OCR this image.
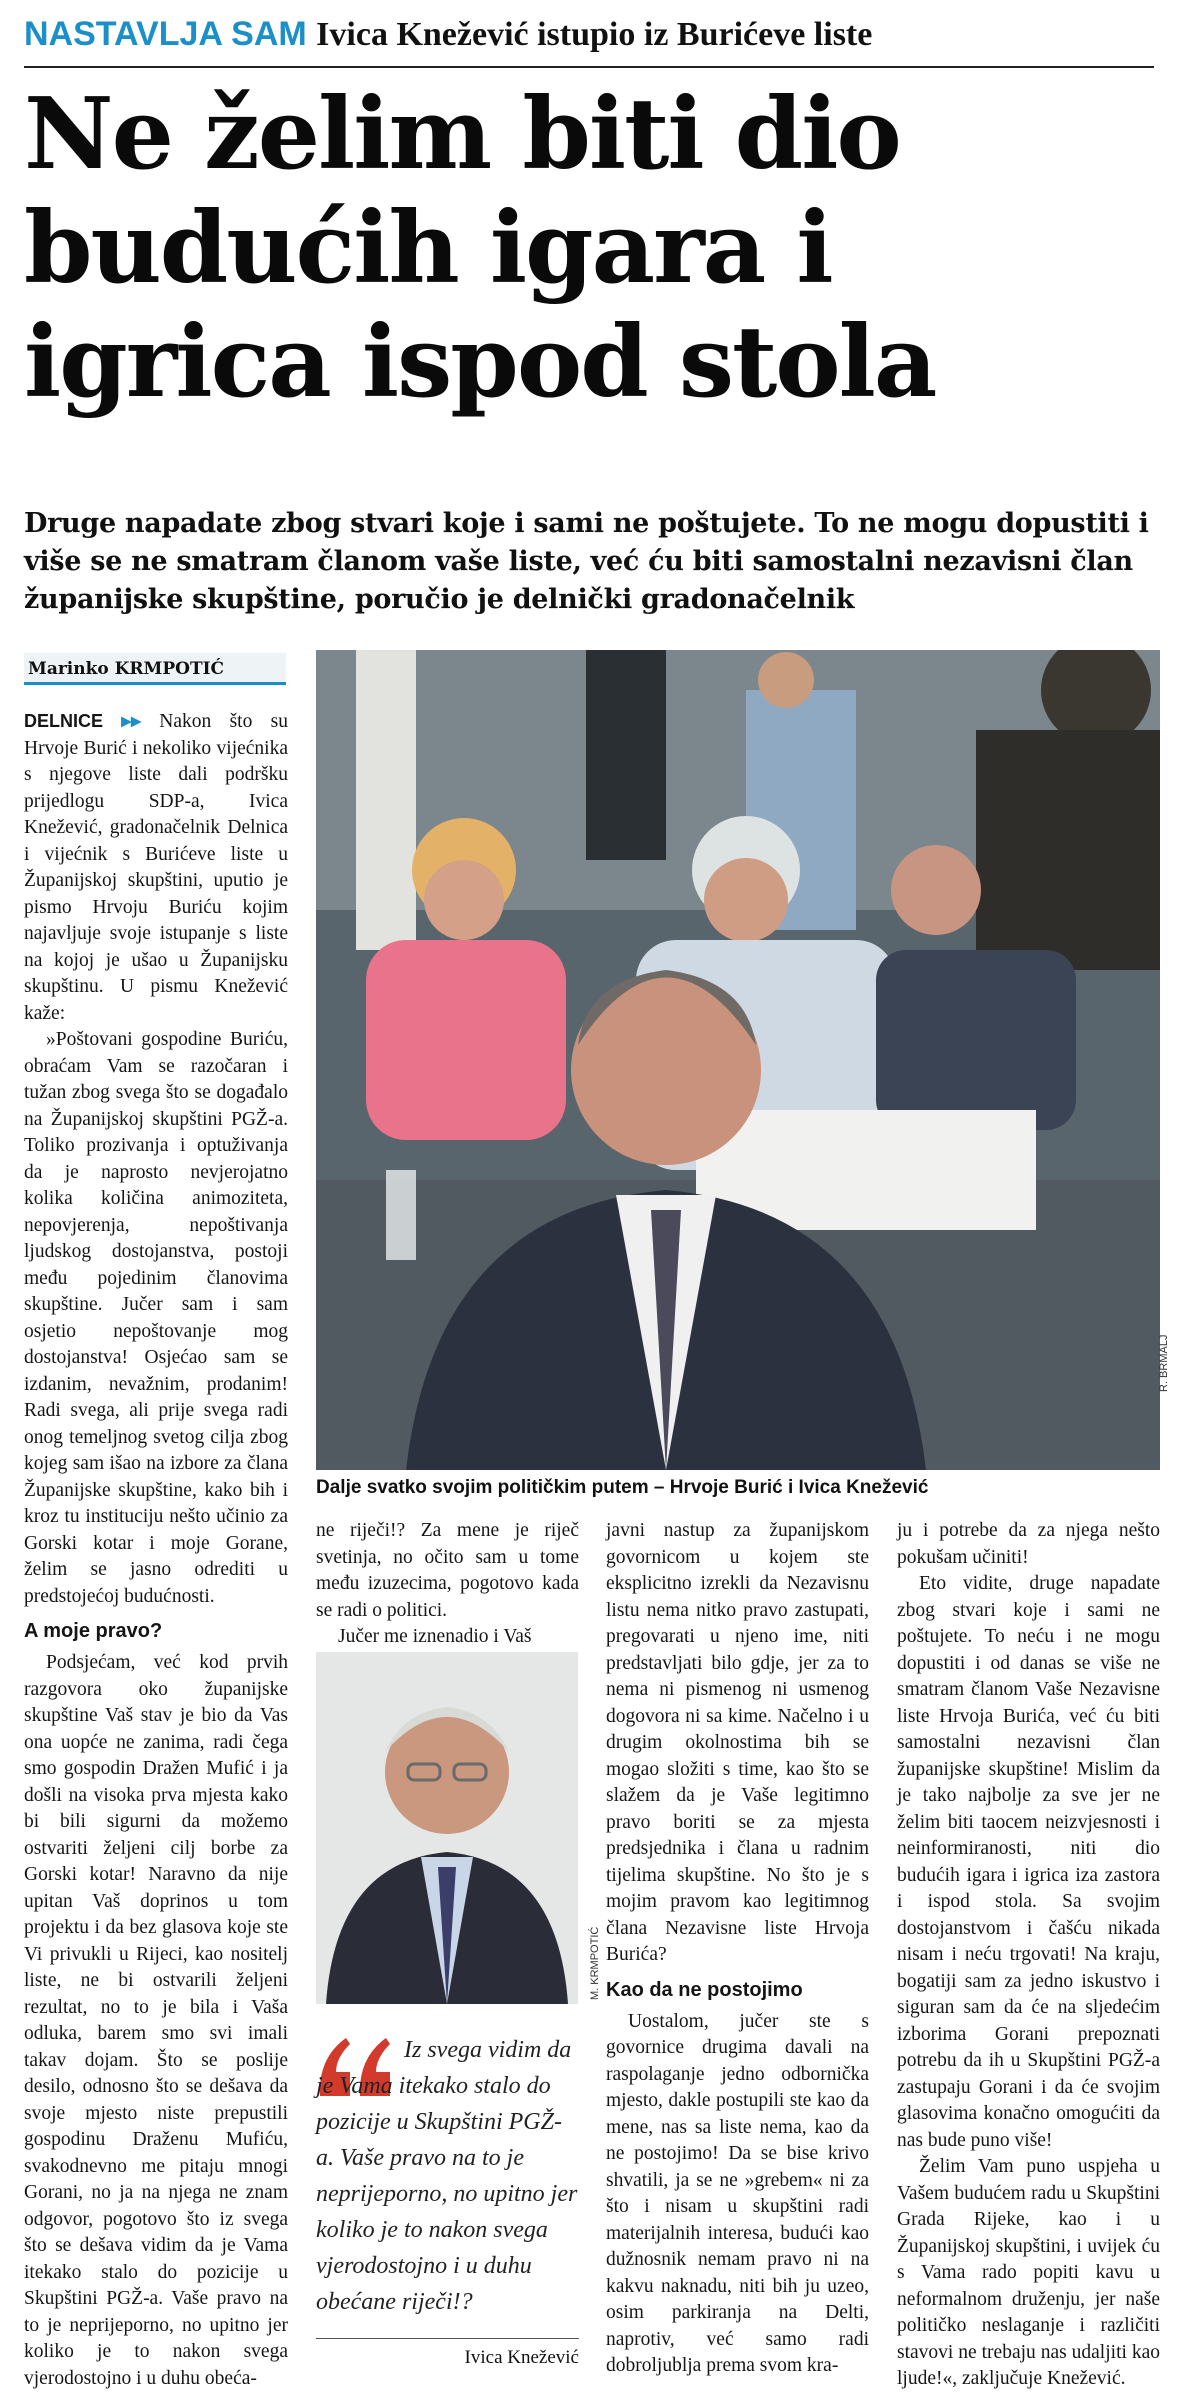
NASTAVLJA SAM Ivica Knežević istupio iz Burićeve liste
Ne želim biti dio budućih igara i igrica ispod stola

Druge napadate zbog stvari koje i sami ne poštujete. To ne mogu dopustiti i više se ne smatram članom vaše liste, već ću biti samostalni nezavisni član županijske skupštine, poručio je delnički gradonačelnik

Marinko KRMPOTIĆ

DELNICE ▸▸ Nakon što su Hrvoje Burić i nekoliko vijećnika s njegove liste dali podršku prijedlogu SDP-a, Ivica Knežević, gradonačelnik Delnica i vijećnik s Burićeve liste u Županijskoj skupštini, uputio je pismo Hrvoju Buriću kojim najavljuje svoje istupanje s liste na kojoj je ušao u Županijsku skupštinu. U pismu Knežević kaže:

»Poštovani gospodine Buriću, obraćam Vam se razočaran i tužan zbog svega što se događalo na Županijskoj skupštini PGŽ-a. Toliko prozivanja i optuživanja da je naprosto nevjerojatno kolika količina animoziteta, nepovjerenja, nepoštivanja ljudskog dostojanstva, postoji među pojedinim članovima skupštine. Jučer sam i sam osjetio nepoštovanje mog dostojanstva! Osjećao sam se izdanim, nevažnim, prodanim! Radi svega, ali prije svega radi onog temeljnog svetog cilja zbog kojeg sam išao na izbore za člana Županijske skupštine, kako bih i kroz tu instituciju nešto učinio za Gorski kotar i moje Gorane, želim se jasno odrediti u predstojećoj budućnosti.

A moje pravo?

Podsjećam, već kod prvih razgovora oko županijske skupštine Vaš stav je bio da Vas ona uopće ne zanima, radi čega smo gospodin Dražen Mufić i ja došli na visoka prva mjesta kako bi bili sigurni da možemo ostvariti željeni cilj borbe za Gorski kotar! Naravno da nije upitan Vaš doprinos u tom projektu i da bez glasova koje ste Vi privukli u Rijeci, kao nositelj liste, ne bi ostvarili željeni rezultat, no to je bila i Vaša odluka, barem smo svi imali takav dojam. Što se poslije desilo, odnosno što se dešava da svoje mjesto niste prepustili gospodinu Draženu Mufiću, svakodnevno me pitaju mnogi Gorani, no ja na njega ne znam odgovor, pogotovo što iz svega što se dešava vidim da je Vama itekako stalo do pozicije u Skupštini PGŽ-a. Vaše pravo na to je neprijeporno, no upitno jer koliko je to nakon svega vjerodostojno i u duhu obeća-

R. BRMALJ
Dalje svatko svojim političkim putem – Hrvoje Burić i Ivica Knežević

ne riječi!? Za mene je riječ svetinja, no očito sam u tome među izuzecima, pogotovo kada se radi o politici.

Jučer me iznenadio i Vaš

M. KRMPOTIĆ

Iz svega vidim da je Vama itekako stalo do pozicije u Skupštini PGŽ-a. Vaše pravo na to je neprijeporno, no upitno jer koliko je to nakon svega vjerodostojno i u duhu obećane riječi!?

Ivica Knežević

javni nastup za županijskom govornicom u kojem ste eksplicitno izrekli da Nezavisnu listu nema nitko pravo zastupati, pregovarati u njeno ime, niti predstavljati bilo gdje, jer za to nema ni pismenog ni usmenog dogovora ni sa kime. Načelno i u drugim okolnostima bih se mogao složiti s time, kao što se slažem da je Vaše legitimno pravo boriti se za mjesta predsjednika i člana u radnim tijelima skupštine. No što je s mojim pravom kao legitimnog člana Nezavisne liste Hrvoja Burića?

Kao da ne postojimo

Uostalom, jučer ste s govornice drugima davali na raspolaganje jedno odbornička mjesto, dakle postupili ste kao da mene, nas sa liste nema, kao da ne postojimo! Da se bise krivo shvatili, ja se ne »grebem« ni za što i nisam u skupštini radi materijalnih interesa, budući kao dužnosnik nemam pravo ni na kakvu naknadu, niti bih ju uzeo, osim parkiranja na Delti, naprotiv, već samo radi dobroljublja prema svom kra-

ju i potrebe da za njega nešto pokušam učiniti!

Eto vidite, druge napadate zbog stvari koje i sami ne poštujete. To neću i ne mogu dopustiti i od danas se više ne smatram članom Vaše Nezavisne liste Hrvoja Burića, već ću biti samostalni nezavisni član županijske skupštine! Mislim da je tako najbolje za sve jer ne želim biti taocem neizvjesnosti i neinformiranosti, niti dio budućih igara i igrica iza zastora i ispod stola. Sa svojim dostojanstvom i čašću nikada nisam i neću trgovati! Na kraju, bogatiji sam za jedno iskustvo i siguran sam da će na sljedećim izborima Gorani prepoznati potrebu da ih u Skupštini PGŽ-a zastupaju Gorani i da će svojim glasovima konačno omogućiti da nas bude puno više!

Želim Vam puno uspjeha u Vašem budućem radu u Skupštini Grada Rijeke, kao i u Županijskoj skupštini, i uvijek ću s Vama rado popiti kavu u neformalnom druženju, jer naše političko neslaganje i različiti stavovi ne trebaju nas udaljiti kao ljude!«, zaključuje Knežević.
